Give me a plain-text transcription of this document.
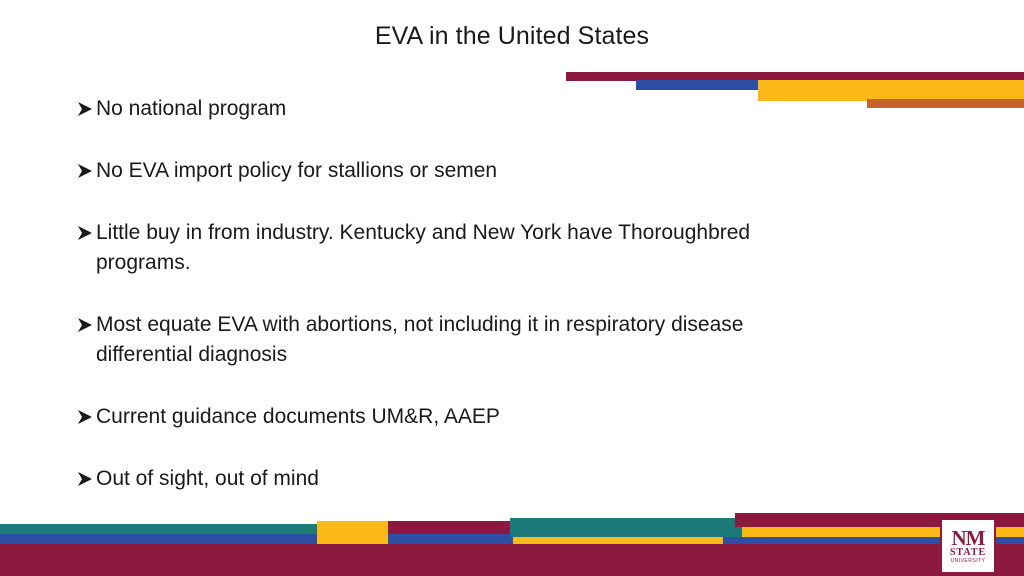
EVA in the United States
No national program
No EVA import policy for stallions or semen
Little buy in from industry. Kentucky and New York have Thoroughbred
programs.
Most equate EVA with abortions, not including it in respiratory disease
differential diagnosis
Current guidance documents UM&R, AAEP
Out of sight, out of mind
NM
STATE
UNIVERSITY
